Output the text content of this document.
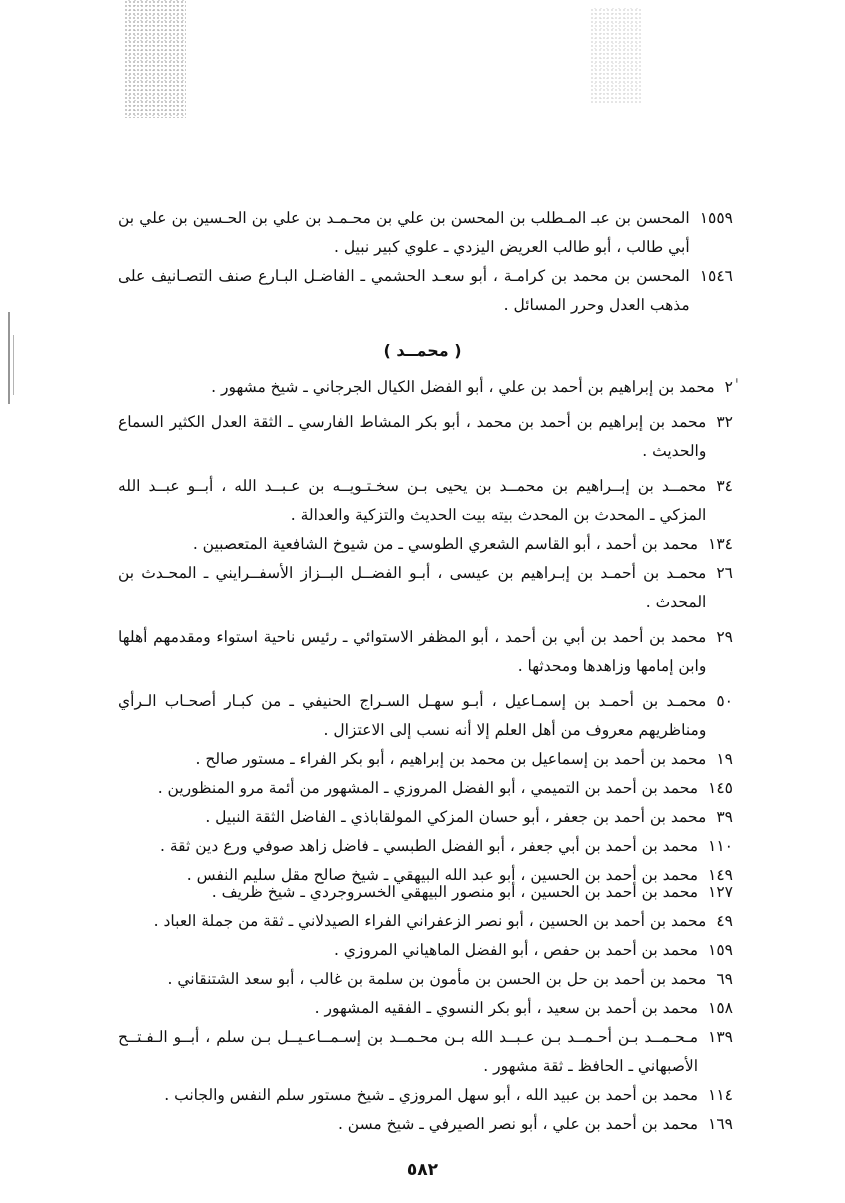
١٥٥٩
المحسن بن عبـ المـطلب بن المحسن بن علي بن محـمـد بن علي بن الحـسين بن علي بن أبي طالب ، أبو طالب العريض اليزدي ـ علوي كبير نبيل .
١٥٤٦
المحسن بن محمد بن كرامـة ، أبو سعـد الحشمي ـ الفاضـل البـارع صنف التصـانيف على مذهب العدل وحرر المسائل .
( محمــد )
٢ٰ
محمد بن إبراهيم بن أحمد بن علي ، أبو الفضل الكيال الجرجاني ـ شيخ مشهور .
٣٢
محمد بن إبراهيم بن أحمد بن محمد ، أبو بكر المشاط الفارسي ـ الثقة العدل الكثير السماع والحديث .
٣٤
محمــد بن إبــراهيم بن محمــد بن يحيى بـن سخـتـويــه بن عـبــد الله ، أبــو عبــد الله المزكي ـ المحدث بن المحدث بيته بيت الحديث والتزكية والعدالة .
١٣٤
محمد بن أحمد ، أبو القاسم الشعري الطوسي ـ من شيوخ الشافعية المتعصبين .
٢٦
محمـد بن أحمـد بن إبـراهيم بن عيسى ، أبـو الفضــل البــزاز الأسفــرايني ـ المحـدث بن المحدث .
٢٩
محمد بن أحمد بن أبي بن أحمد ، أبو المظفر الاستوائي ـ رئيس ناحية استواء ومقدمهم أهلها وابن إمامها وزاهدها ومحدثها .
٥٠
محمـد بن أحمـد بن إسمـاعيل ، أبـو سهـل السـراج الحنيفي ـ من كبـار أصحـاب الـرأي ومناظريهم معروف من أهل العلم إلا أنه نسب إلى الاعتزال .
١٩
محمد بن أحمد بن إسماعيل بن محمد بن إبراهيم ، أبو بكر الفراء ـ مستور صالح .
١٤٥
محمد بن أحمد بن التميمي ، أبو الفضل المروزي ـ المشهور من أئمة مرو المنظورين .
٣٩
محمد بن أحمد بن جعفر ، أبو حسان المزكي المولقاباذي ـ الفاضل الثقة النبيل .
١١٠
محمد بن أحمد بن أبي جعفر ، أبو الفضل الطبسي ـ فاضل زاهد صوفي ورع دين ثقة .
١٤٩
محمد بن أحمد بن الحسين ، أبو عبد الله البيهقي ـ شيخ صالح مقل سليم النفس .
١٢٧
محمد بن أحمد بن الحسين ، أبو منصور البيهقي الخسروجردي ـ شيخ ظريف .
٤٩
محمد بن أحمد بن الحسين ، أبو نصر الزعفراني الفراء الصيدلاني ـ ثقة من جملة العباد .
١٥٩
محمد بن أحمد بن حفص ، أبو الفضل الماهياني المروزي .
٦٩
محمد بن أحمد بن حل بن الحسن بن مأمون بن سلمة بن غالب ، أبو سعد الشتنقاني .
١٥٨
محمد بن أحمد بن سعيد ، أبو بكر النسوي ـ الفقيه المشهور .
١٣٩
مـحـمــد بـن أحـمــد بـن عـبــد الله بـن محـمــد بن إسـمــاعـيــل بـن سلم ، أبــو الـفـتــح الأصبهاني ـ الحافظ ـ ثقة مشهور .
١١٤
محمد بن أحمد بن عبيد الله ، أبو سهل المروزي ـ شيخ مستور سلم النفس والجانب .
١٦٩
محمد بن أحمد بن علي ، أبو نصر الصيرفي ـ شيخ مسن .
٥٨٢
